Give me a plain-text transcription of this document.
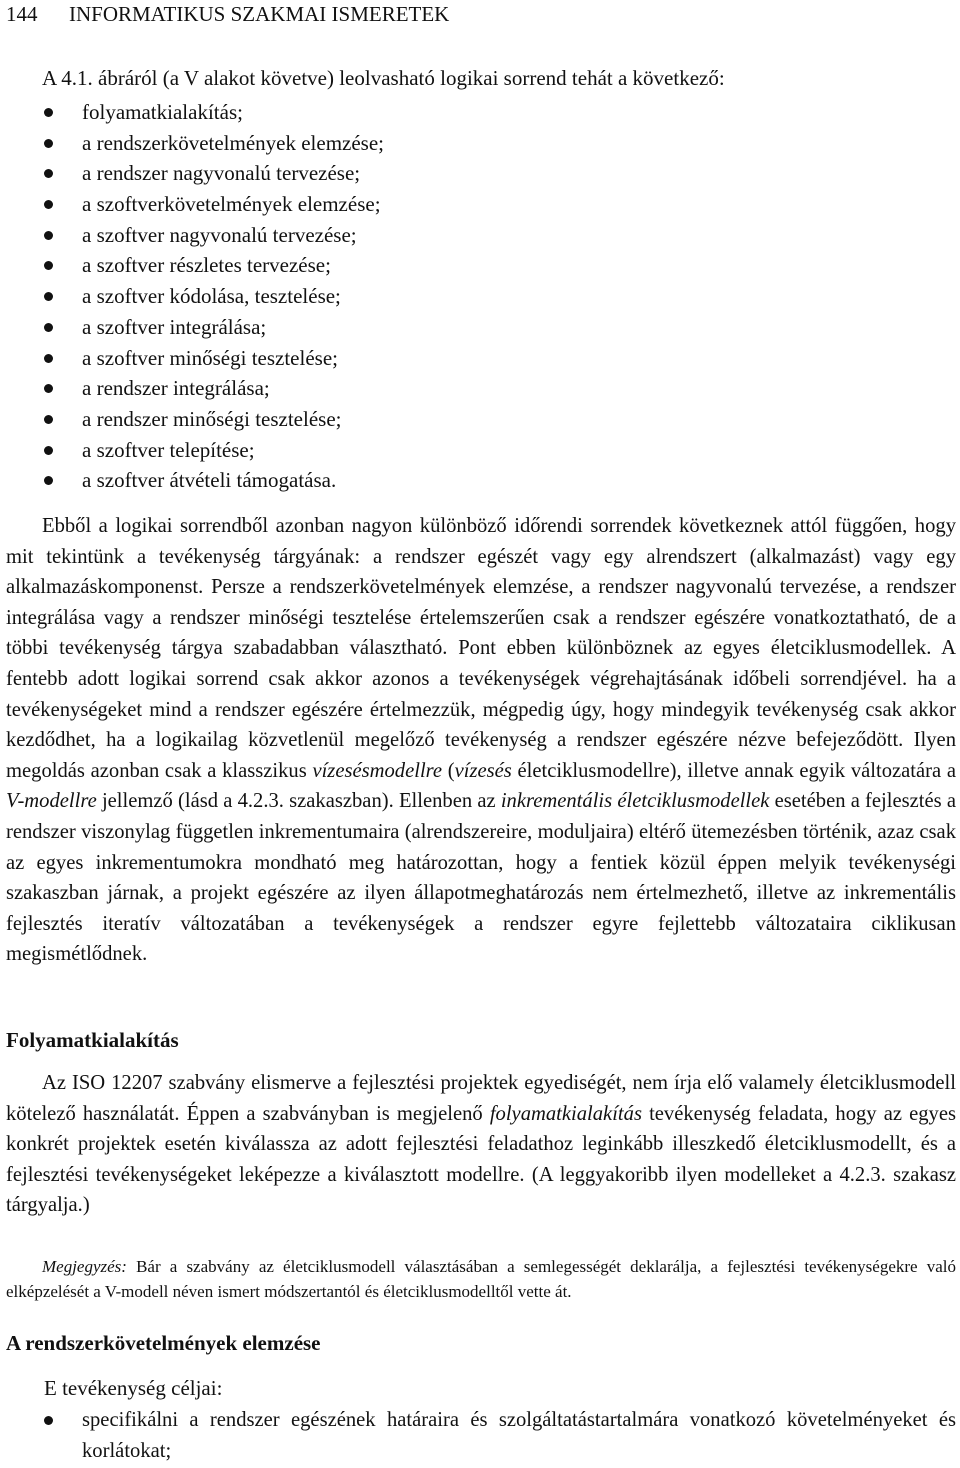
144 INFORMATIKUS SZAKMAI ISMERETEK
A 4.1. ábráról (a V alakot követve) leolvasható logikai sorrend tehát a következő:
folyamatkialakítás;
a rendszerkövetelmények elemzése;
a rendszer nagyvonalú tervezése;
a szoftverkövetelmények elemzése;
a szoftver nagyvonalú tervezése;
a szoftver részletes tervezése;
a szoftver kódolása, tesztelése;
a szoftver integrálása;
a szoftver minőségi tesztelése;
a rendszer integrálása;
a rendszer minőségi tesztelése;
a szoftver telepítése;
a szoftver átvételi támogatása.

Ebből a logikai sorrendből azonban nagyon különböző időrendi sorrendek következnek attól függően, hogy mit tekintünk a tevékenység tárgyának: a rendszer egészét vagy egy alrendszert (alkalmazást) vagy egy alkalmazáskomponenst. Persze a rendszerkövetelmények elemzése, a rendszer nagyvonalú tervezése, a rendszer integrálása vagy a rendszer minőségi tesztelése értelemszerűen csak a rendszer egészére vonatkoztatható, de a többi tevékenység tárgya szabadabban választható. Pont ebben különböznek az egyes életciklusmodellek. A fentebb adott logikai sorrend csak akkor azonos a tevékenységek végrehajtásának időbeli sorrendjével. ha a tevékenységeket mind a rendszer egészére értelmezzük, mégpedig úgy, hogy mindegyik tevékenység csak akkor kezdődhet, ha a logikailag közvetlenül megelőző tevékenység a rendszer egészére nézve befejeződött. Ilyen megoldás azonban csak a klasszikus vízesésmodellre (vízesés életciklusmodellre), illetve annak egyik változatára a V-modellre jellemző (lásd a 4.2.3. szakaszban). Ellenben az inkrementális életciklusmodellek esetében a fejlesztés a rendszer viszonylag független inkrementumaira (alrendszereire, moduljaira) eltérő ütemezésben történik, azaz csak az egyes inkrementumokra mondható meg határozottan, hogy a fentiek közül éppen melyik tevékenységi szakaszban járnak, a projekt egészére az ilyen állapotmeghatározás nem értelmezhető, illetve az inkrementális fejlesztés iteratív változatában a tevékenységek a rendszer egyre fejlettebb változataira ciklikusan megismétlődnek.

Folyamatkialakítás

Az ISO 12207 szabvány elismerve a fejlesztési projektek egyediségét, nem írja elő valamely életciklusmodell kötelező használatát. Éppen a szabványban is megjelenő folyamatkialakítás tevékenység feladata, hogy az egyes konkrét projektek esetén kiválassza az adott fejlesztési feladathoz leginkább illeszkedő életciklusmodellt, és a fejlesztési tevékenységeket leképezze a kiválasztott modellre. (A leggyakoribb ilyen modelleket a 4.2.3. szakasz tárgyalja.)

Megjegyzés: Bár a szabvány az életciklusmodell választásában a semlegességét deklarálja, a fejlesztési tevékenységekre való elképzelését a V-modell néven ismert módszertantól és életciklusmodelltől vette át.

A rendszerkövetelmények elemzése
E tevékenység céljai:
specifikálni a rendszer egészének határaira és szolgáltatástartalmára vonatkozó követelményeket és korlátokat;
